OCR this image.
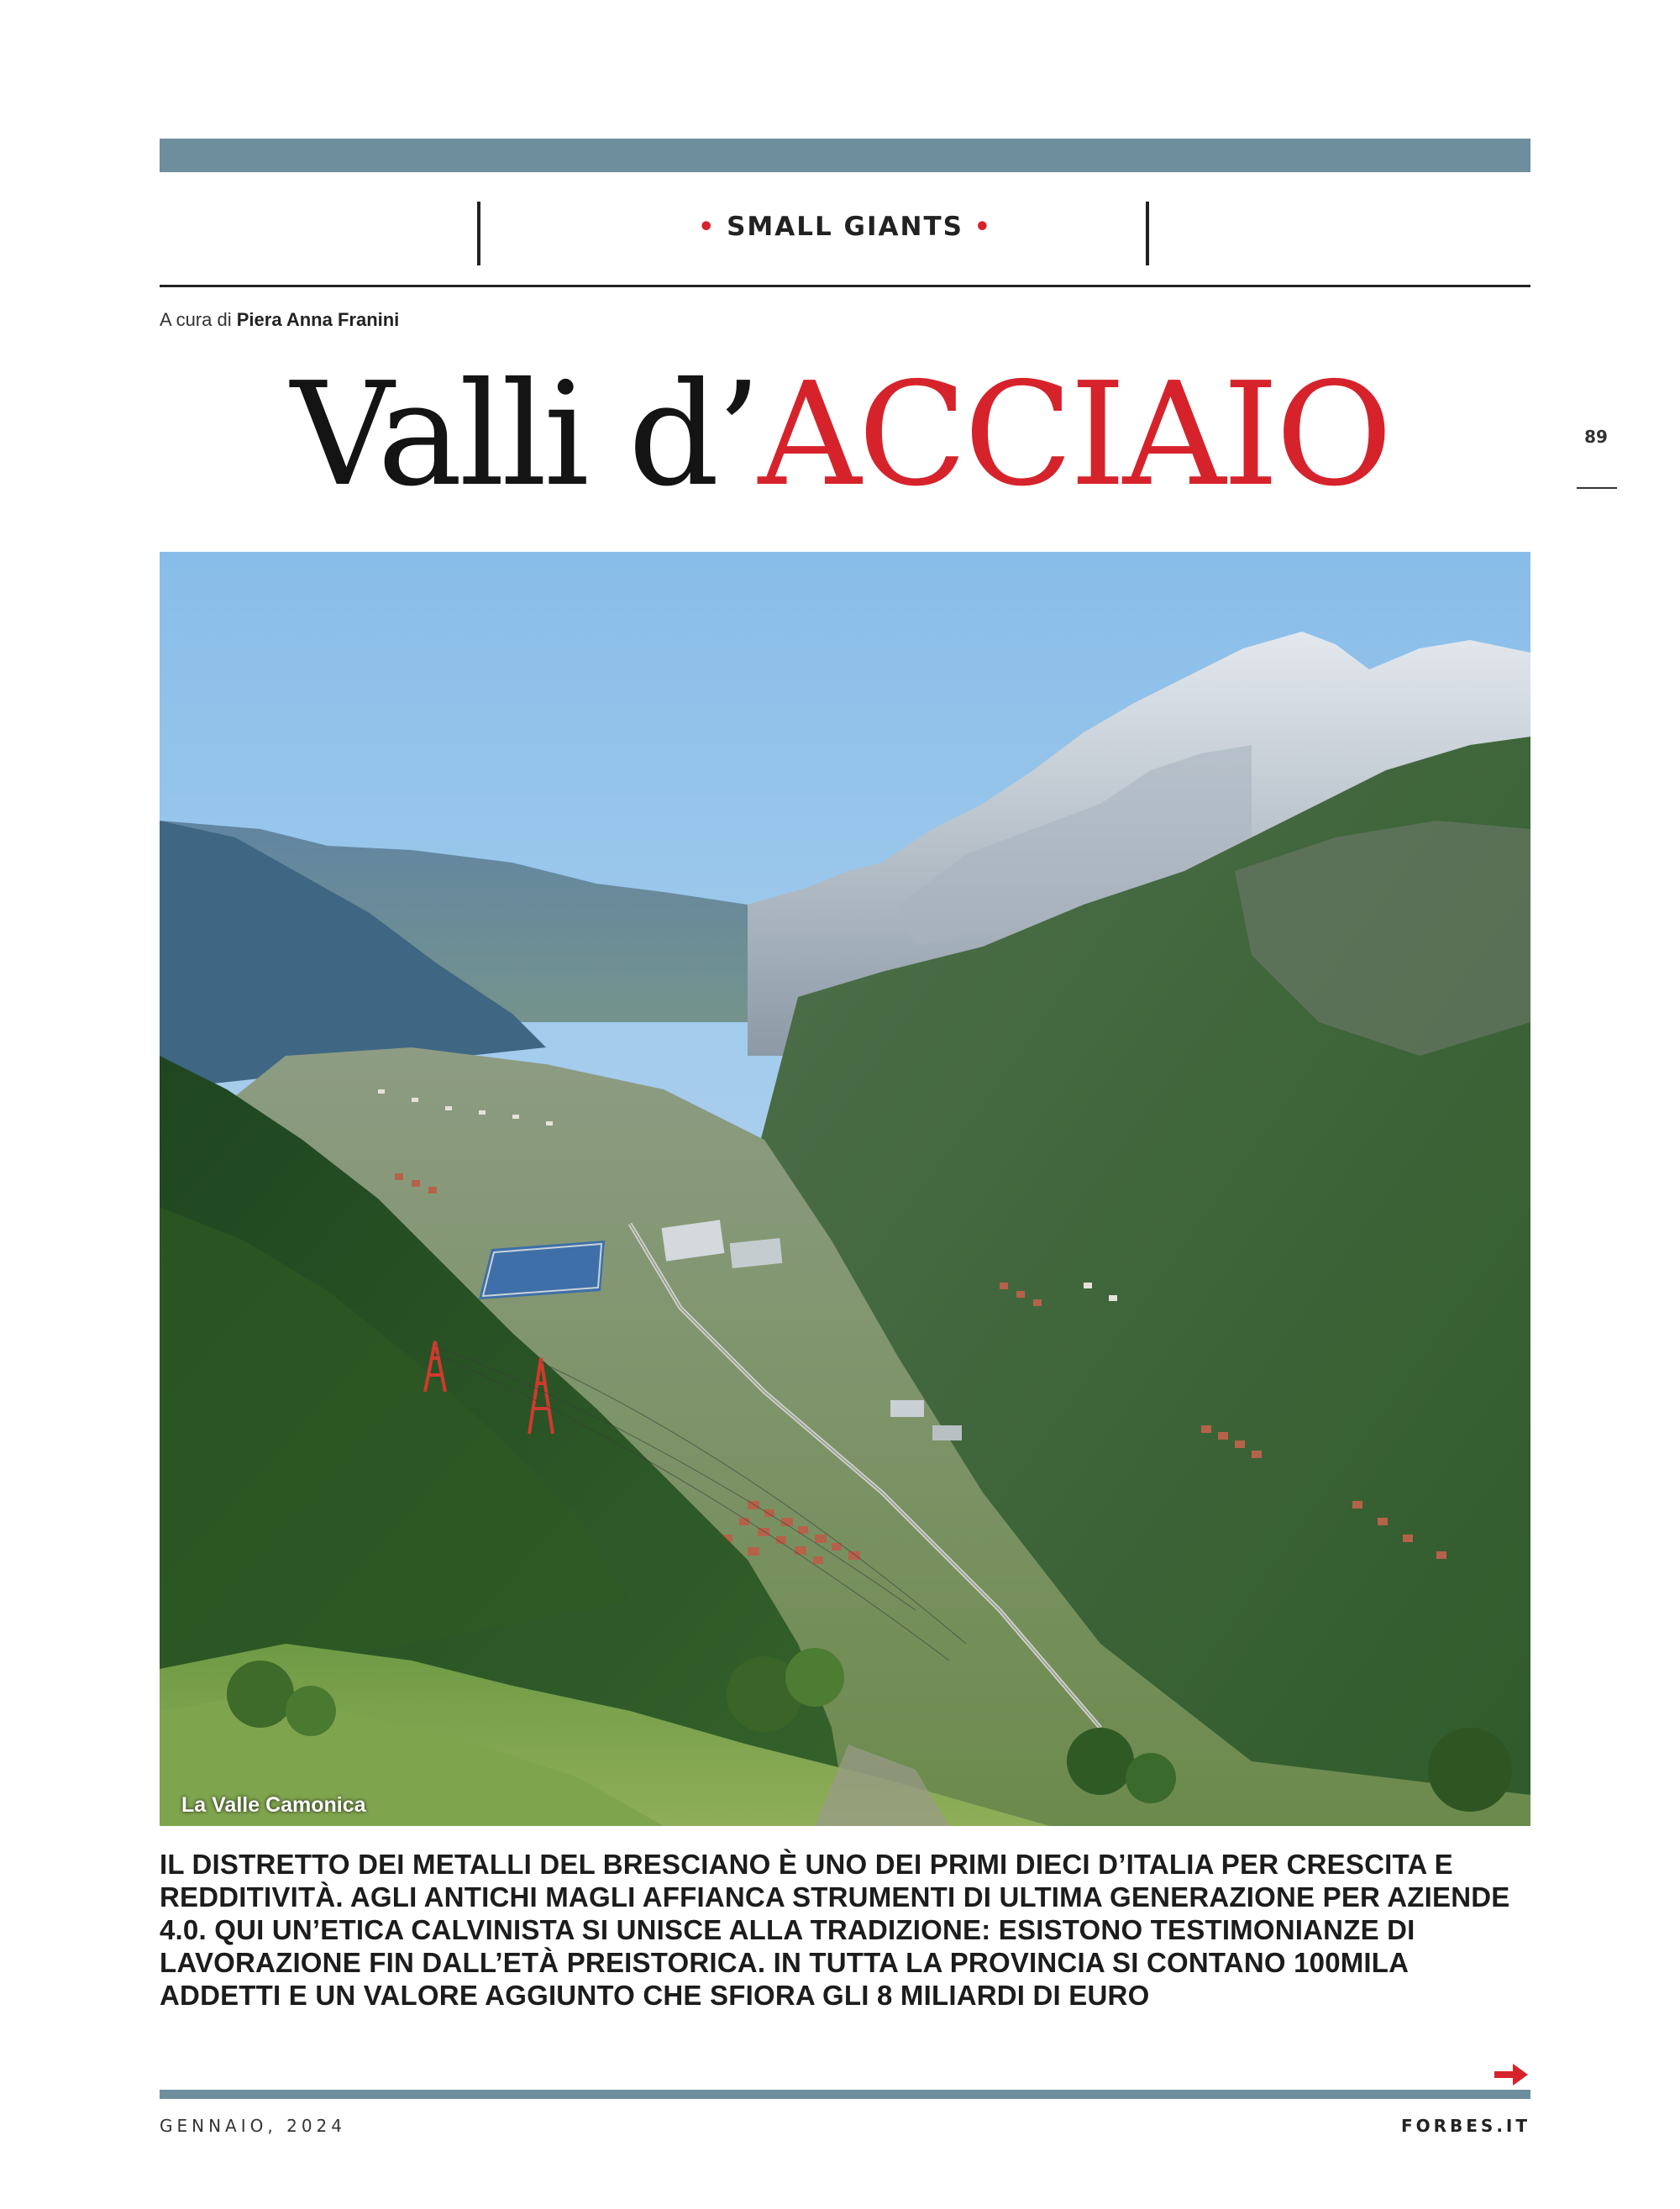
• SMALL GIANTS •
A cura di Piera Anna Franini
Valli d’ACCIAIO	89
La Valle Camonica

IL DISTRETTO DEI METALLI DEL BRESCIANO È UNO DEI PRIMI DIECI D’ITALIA PER CRESCITA E REDDITIVITÀ. AGLI ANTICHI MAGLI AFFIANCA STRUMENTI DI ULTIMA GENERAZIONE PER AZIENDE 4.0. QUI UN’ETICA CALVINISTA SI UNISCE ALLA TRADIZIONE: ESISTONO TESTIMONIANZE DI LAVORAZIONE FIN DALL’ETÀ PREISTORICA. IN TUTTA LA PROVINCIA SI CONTANO 100MILA ADDETTI E UN VALORE AGGIUNTO CHE SFIORA GLI 8 MILIARDI DI EURO

GENNAIO, 2024	FORBES.IT
